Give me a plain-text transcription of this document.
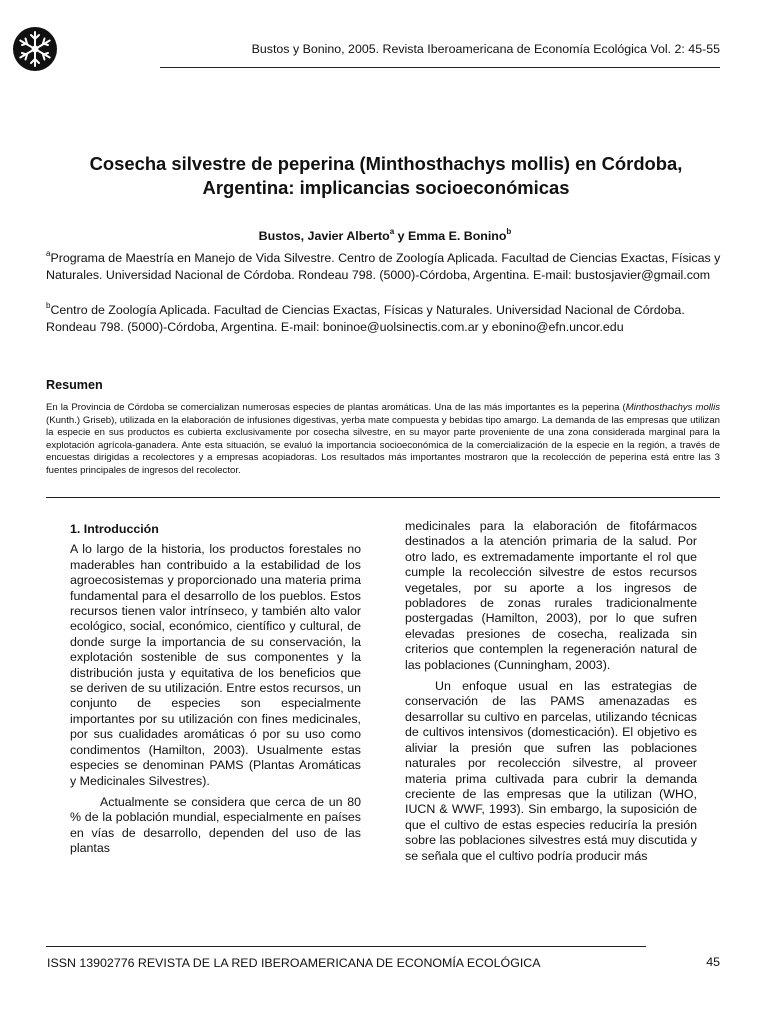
Bustos y Bonino, 2005. Revista Iberoamericana de Economía Ecológica Vol. 2: 45-55
Cosecha silvestre de peperina (Minthosthachys mollis) en Córdoba,
Argentina: implicancias socioeconómicas
Bustos, Javier Alberto$^a$ y Emma E. Bonino$^b$
$^a$Programa de Maestría en Manejo de Vida Silvestre. Centro de Zoología Aplicada. Facultad de Ciencias Exactas, Físicas y Naturales. Universidad Nacional de Córdoba. Rondeau 798. (5000)-Córdoba, Argentina. E-mail: bustosjavier@gmail.com
$^b$Centro de Zoología Aplicada. Facultad de Ciencias Exactas, Físicas y Naturales. Universidad Nacional de Córdoba. Rondeau 798. (5000)-Córdoba, Argentina. E-mail: boninoe@uolsinectis.com.ar y ebonino@efn.uncor.edu
Resumen
En la Provincia de Córdoba se comercializan numerosas especies de plantas aromáticas. Una de las más importantes es la peperina (Minthosthachys mollis (Kunth.) Griseb), utilizada en la elaboración de infusiones digestivas, yerba mate compuesta y bebidas tipo amargo. La demanda de las empresas que utilizan la especie en sus productos es cubierta exclusivamente por cosecha silvestre, en su mayor parte proveniente de una zona considerada marginal para la explotación agrícola-ganadera. Ante esta situación, se evaluó la importancia socioeconómica de la comercialización de la especie en la región, a través de encuestas dirigidas a recolectores y a empresas acopiadoras. Los resultados más importantes mostraron que la recolección de peperina está entre las 3 fuentes principales de ingresos del recolector.

1. Introducción

A lo largo de la historia, los productos forestales no maderables han contribuido a la estabilidad de los agroecosistemas y proporcionado una materia prima fundamental para el desarrollo de los pueblos. Estos recursos tienen valor intrínseco, y también alto valor ecológico, social, económico, científico y cultural, de donde surge la importancia de su conservación, la explotación sostenible de sus componentes y la distribución justa y equitativa de los beneficios que se deriven de su utilización. Entre estos recursos, un conjunto de especies son especialmente importantes por su utilización con fines medicinales, por sus cualidades aromáticas ó por su uso como condimentos (Hamilton, 2003). Usualmente estas especies se denominan PAMS (Plantas Aromáticas y Medicinales Silvestres).

Actualmente se considera que cerca de un 80 % de la población mundial, especialmente en países en vías de desarrollo, dependen del uso de las plantas

medicinales para la elaboración de fitofármacos destinados a la atención primaria de la salud. Por otro lado, es extremadamente importante el rol que cumple la recolección silvestre de estos recursos vegetales, por su aporte a los ingresos de pobladores de zonas rurales tradicionalmente postergadas (Hamilton, 2003), por lo que sufren elevadas presiones de cosecha, realizada sin criterios que contemplen la regeneración natural de las poblaciones (Cunningham, 2003).

Un enfoque usual en las estrategias de conservación de las PAMS amenazadas es desarrollar su cultivo en parcelas, utilizando técnicas de cultivos intensivos (domesticación). El objetivo es aliviar la presión que sufren las poblaciones naturales por recolección silvestre, al proveer materia prima cultivada para cubrir la demanda creciente de las empresas que la utilizan (WHO, IUCN & WWF, 1993). Sin embargo, la suposición de que el cultivo de estas especies reduciría la presión sobre las poblaciones silvestres está muy discutida y se señala que el cultivo podría producir más

ISSN 13902776 REVISTA DE LA RED IBEROAMERICANA DE ECONOMÍA ECOLÓGICA	45
